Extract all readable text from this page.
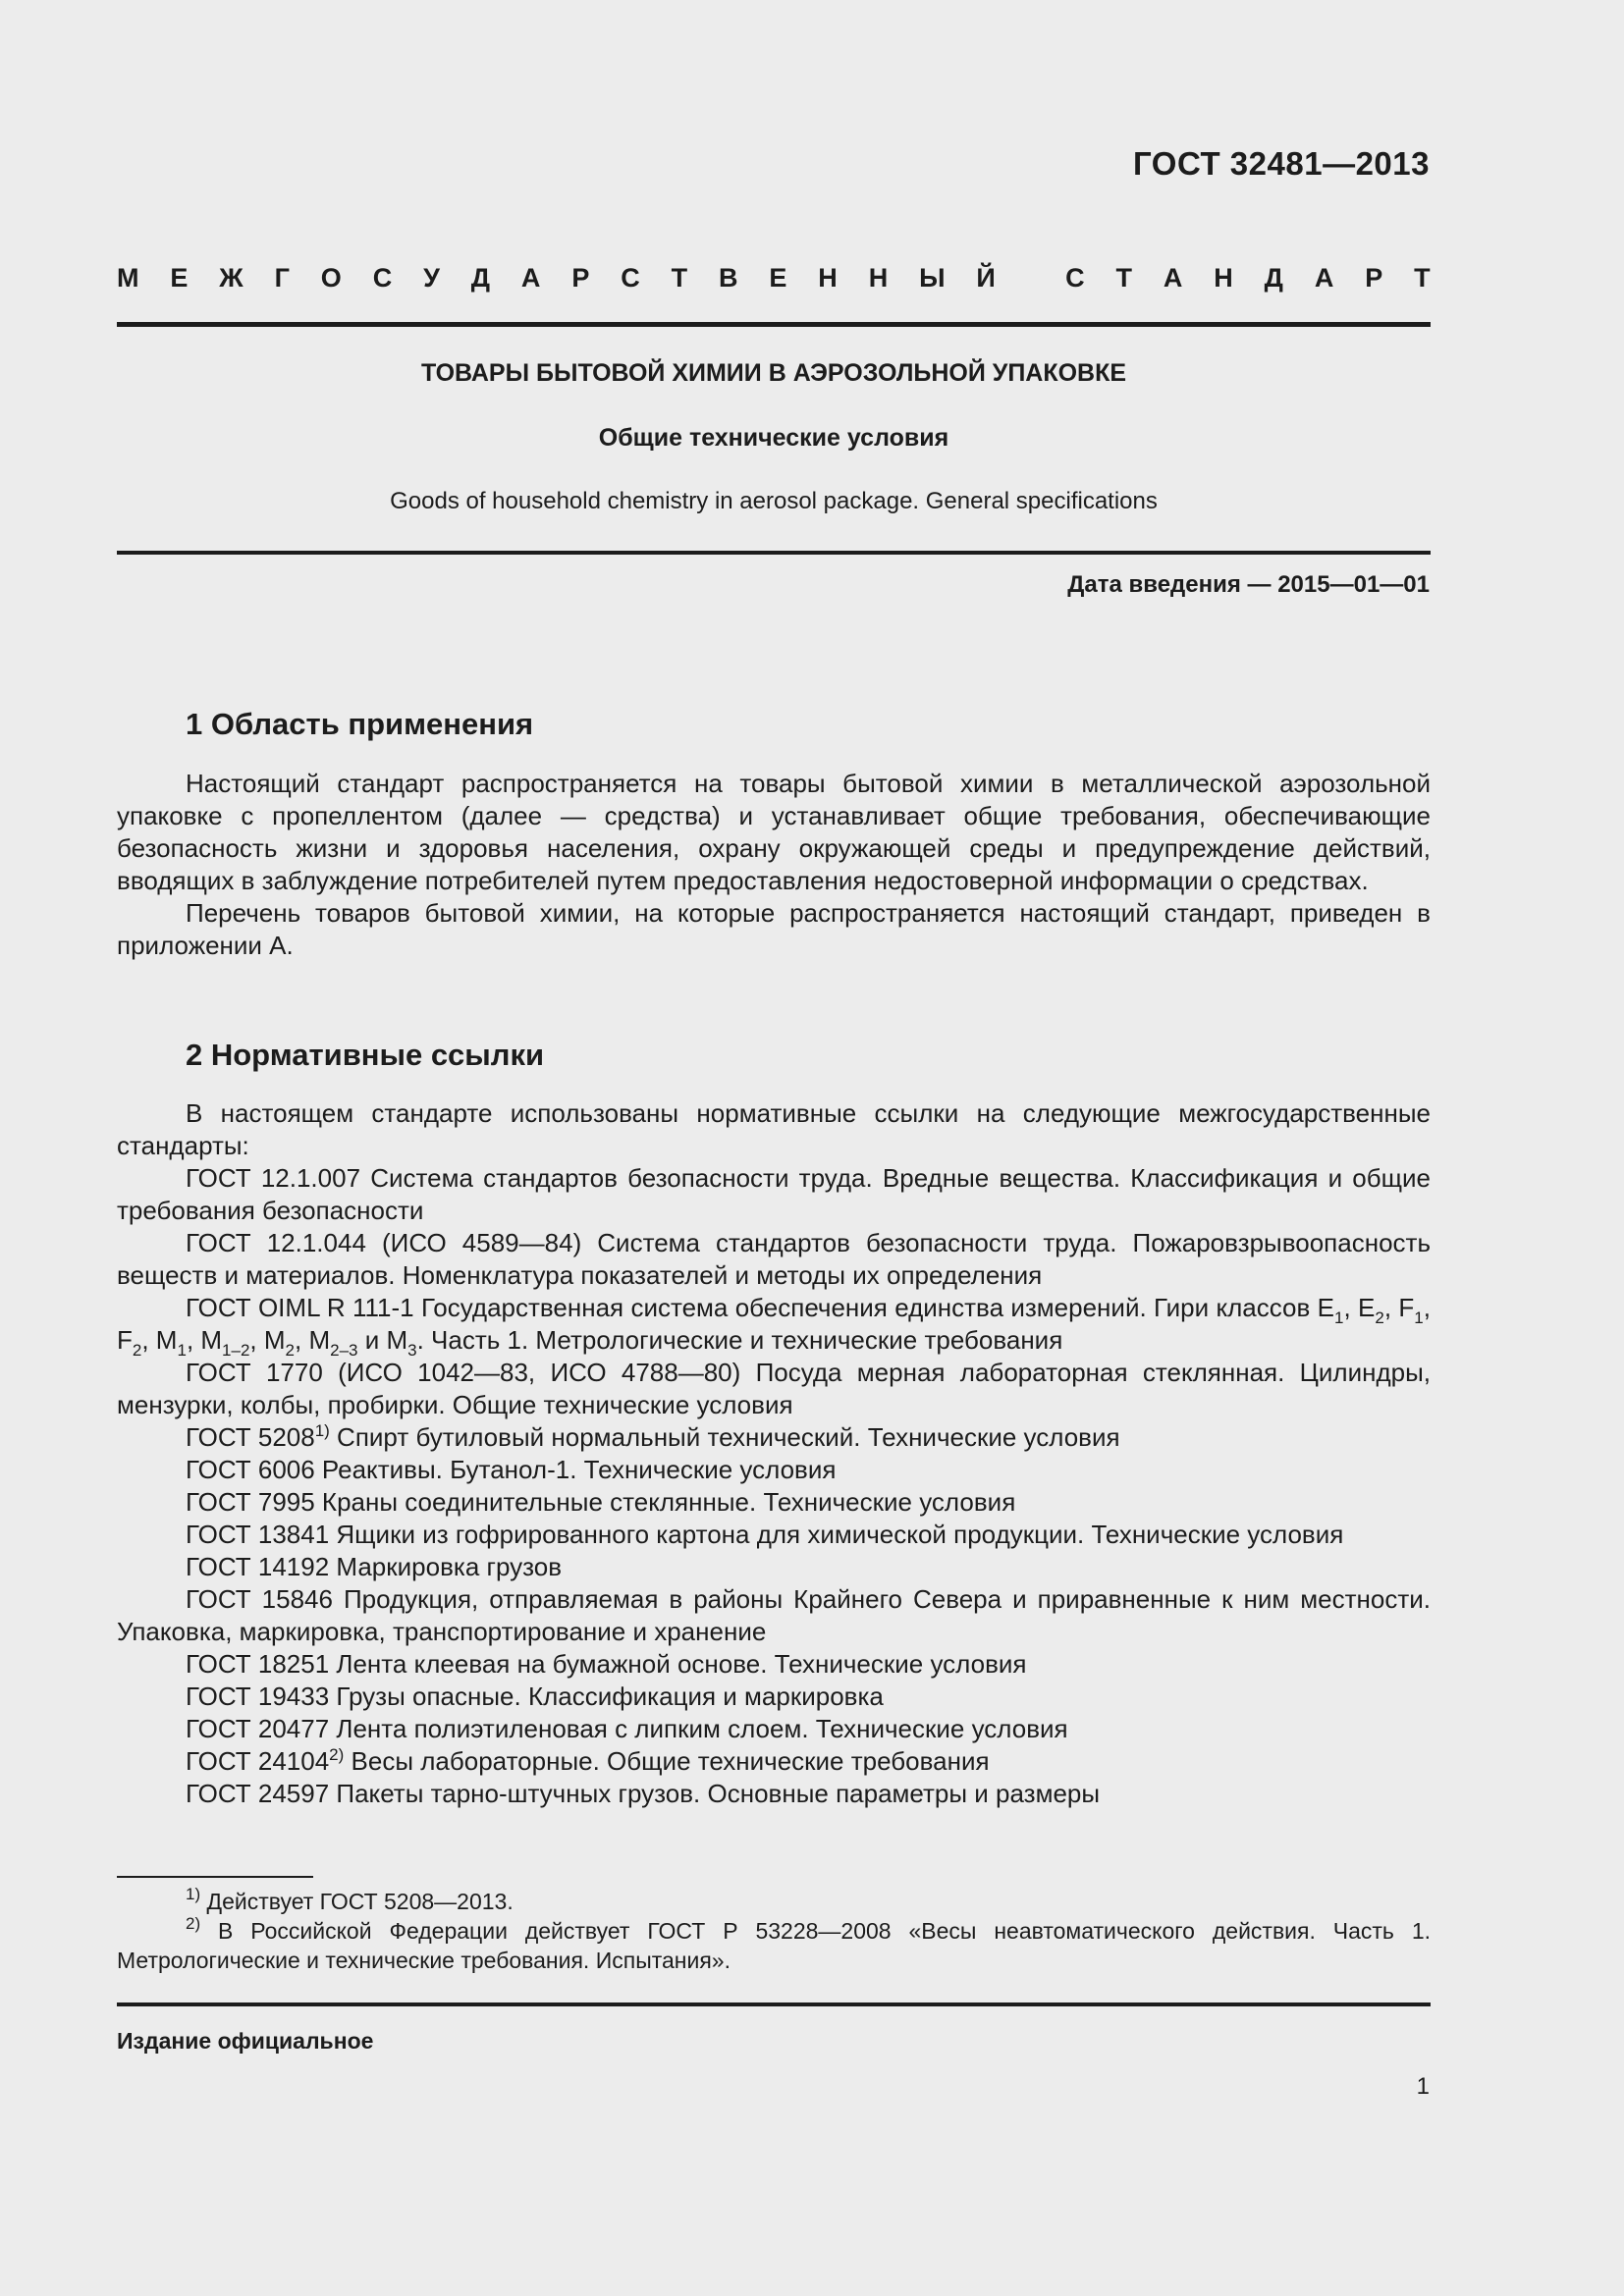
ГОСТ 32481—2013
М Е Ж Г О С У Д А Р С Т В Е Н Н Ы Й
	С Т А Н Д А Р Т
ТОВАРЫ БЫТОВОЙ ХИМИИ В АЭРОЗОЛЬНОЙ УПАКОВКЕ
Общие технические условия
Goods of household chemistry in aerosol package. General specifications
Дата введения — 2015—01—01
1 Область применения

Настоящий стандарт распространяется на товары бытовой химии в металлической аэрозольной упаковке с пропеллентом (далее — средства) и устанавливает общие требования, обеспечивающие безопасность жизни и здоровья населения, охрану окружающей среды и предупреждение действий, вводящих в заблуждение потребителей путем предоставления недостоверной информации о средствах.

Перечень товаров бытовой химии, на которые распространяется настоящий стандарт, приведен в приложении А.

2 Нормативные ссылки

В настоящем стандарте использованы нормативные ссылки на следующие межгосударственные стандарты:

ГОСТ 12.1.007 Система стандартов безопасности труда. Вредные вещества. Классификация и общие требования безопасности

ГОСТ 12.1.044 (ИСО 4589—84) Система стандартов безопасности труда. Пожаровзрывоопасность веществ и материалов. Номенклатура показателей и методы их определения

ГОСТ OIML R 111-1 Государственная система обеспечения единства измерений. Гири классов $Е_1$, $E_2$, $F_1$, $F_2$, $M_1$, $M_{1-2}$, $M_2$, $M_{2-3}$ и $M_3$. Часть 1. Метрологические и технические требования

ГОСТ 1770 (ИСО 1042—83, ИСО 4788—80) Посуда мерная лабораторная стеклянная. Цилиндры, мензурки, колбы, пробирки. Общие технические условия

ГОСТ 5208$^{1)}$ Спирт бутиловый нормальный технический. Технические условия

ГОСТ 6006 Реактивы. Бутанол-1. Технические условия

ГОСТ 7995 Краны соединительные стеклянные. Технические условия

ГОСТ 13841 Ящики из гофрированного картона для химической продукции. Технические условия

ГОСТ 14192 Маркировка грузов

ГОСТ 15846 Продукция, отправляемая в районы Крайнего Севера и приравненные к ним местности. Упаковка, маркировка, транспортирование и хранение

ГОСТ 18251 Лента клеевая на бумажной основе. Технические условия

ГОСТ 19433 Грузы опасные. Классификация и маркировка

ГОСТ 20477 Лента полиэтиленовая с липким слоем. Технические условия

ГОСТ 24104$^{2)}$ Весы лабораторные. Общие технические требования

ГОСТ 24597 Пакеты тарно-штучных грузов. Основные параметры и размеры

$^{1)}$ Действует ГОСТ 5208—2013.

$^{2)}$ В Российской Федерации действует ГОСТ Р 53228—2008 «Весы неавтоматического действия. Часть 1. Метрологические и технические требования. Испытания».

Издание официальное
1
